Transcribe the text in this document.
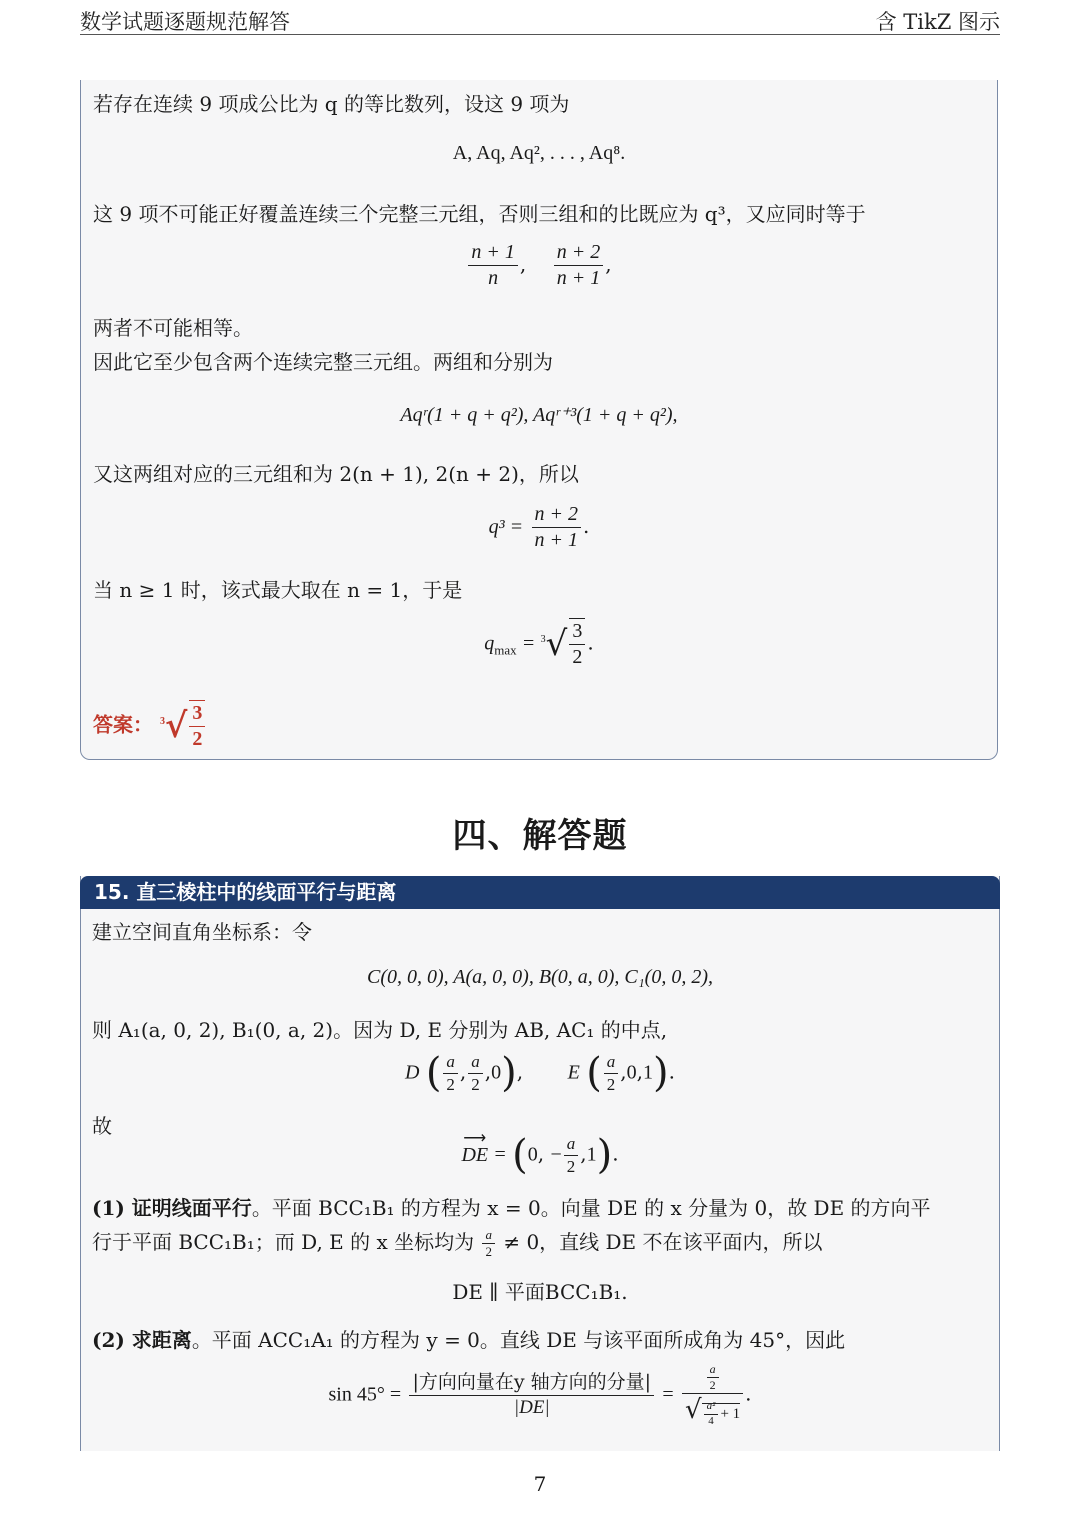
数学试题逐题规范解答	含 TikZ 图示
若存在连续 9 项成公比为 q 的等比数列，设这 9 项为
A, Aq, Aq², . . . , Aq⁸.
这 9 项不可能正好覆盖连续三个完整三元组，否则三组和的比既应为 q³，又应同时等于
$\frac{n + 1}{n}$ , $\frac{n + 2}{n + 1}$ ,
两者不可能相等。
因此它至少包含两个连续完整三元组。两组和分别为
Aqʳ(1 + q + q²), Aqʳ⁺³(1 + q + q²),
又这两组对应的三元组和为 2(n + 1), 2(n + 2)，所以
$q^3 = \frac{n + 2}{n + 1}$ .
当 n ≥ 1 时，该式最大取在 n = 1，于是
$q_{max} = ^3√ \frac{3}{2}$ .
答案： $^3√ \frac{3}{2}$
四、解答题
15. 直三棱柱中的线面平行与距离
建立空间直角坐标系：令
C(0, 0, 0), A(a, 0, 0), B(0, a, 0), C₁(0, 0, 2),
则 A₁(a, 0, 2), B₁(0, a, 2)。因为 D, E 分别为 AB, AC₁ 的中点,
D ( $\frac{a}{2}$ , $\frac{a}{2} ,0$),       E ( $\frac{a}{2} ,0,1$).
故	⟶
DE = (0, − $\frac{a}{2} ,1$).
(1) 证明线面平行。平面 BCC₁B₁ 的方程为 x = 0。向量 DE 的 x 分量为 0，故 DE 的方向平
行于平面 BCC₁B₁；而 D, E 的 x 坐标均为 $\frac{a}{2} \ne 0$，直线 DE 不在该平面内，所以
DE ∥ 平面BCC₁B₁.
(2) 求距离。平面 ACC₁A₁ 的方程为 y = 0。直线 DE 与该平面所成角为 45°，因此
$\sin 45^\circ = \frac{\text{|方向向量在y 轴方向的分量|}}{|DE|} = \frac{\frac{a}{2}}{√ \frac{\text{a²}}{4} + 1}$ .
7
